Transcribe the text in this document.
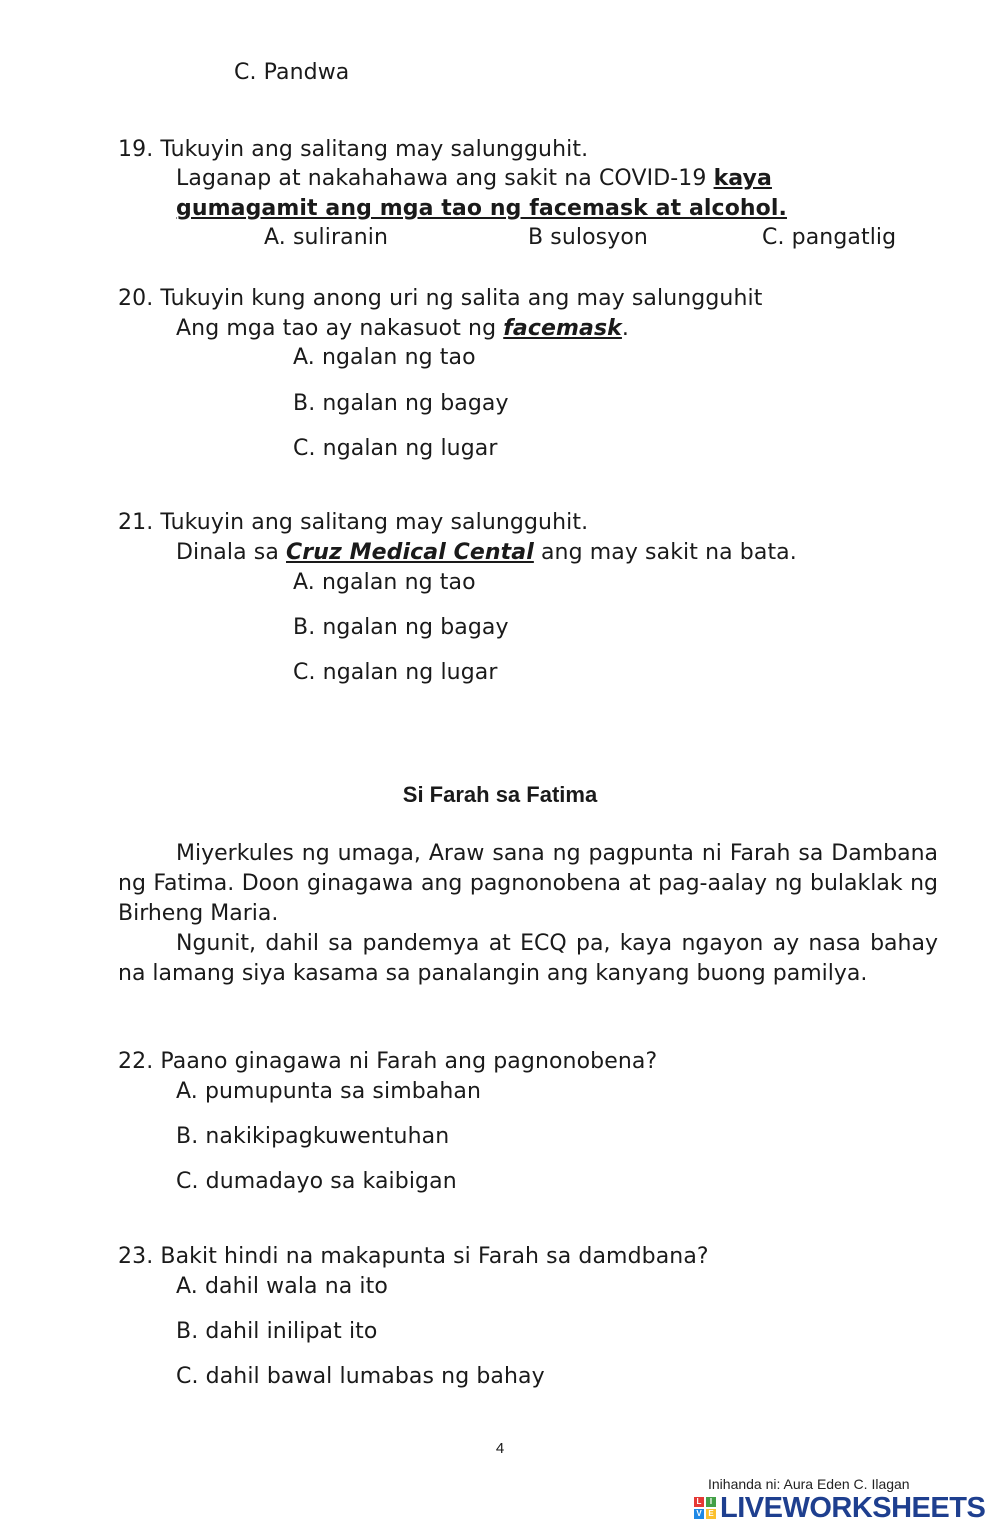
C. Pandwa
19. Tukuyin ang salitang may salungguhit.
Laganap at nakahahawa ang sakit na COVID-19 kaya
gumagamit ang mga tao ng facemask at alcohol.
A. suliranin	B sulosyon	C. pangatlig
20. Tukuyin kung anong uri ng salita ang may salungguhit
Ang mga tao ay nakasuot ng facemask.
A. ngalan ng tao
B. ngalan ng bagay
C. ngalan ng lugar
21. Tukuyin ang salitang may salungguhit.
Dinala sa Cruz Medical Cental ang may sakit na bata.
A. ngalan ng tao
B. ngalan ng bagay
C. ngalan ng lugar
Si Farah sa Fatima
Miyerkules ng umaga, Araw sana ng pagpunta ni Farah sa Dambana ng Fatima. Doon ginagawa ang pagnonobena at pag-aalay ng bulaklak ng Birheng Maria.
Ngunit, dahil sa pandemya at ECQ pa, kaya ngayon ay nasa bahay na lamang siya kasama sa panalangin ang kanyang buong pamilya.
22. Paano ginagawa ni Farah ang pagnonobena?
A. pumupunta sa simbahan
B. nakikipagkuwentuhan
C. dumadayo sa kaibigan
23. Bakit hindi na makapunta si Farah sa damdbana?
A. dahil wala na ito
B. dahil inilipat ito
C. dahil bawal lumabas ng bahay
4
Inihanda ni: Aura Eden C. Ilagan
L	I
V E LIVEWORKSHEETS
